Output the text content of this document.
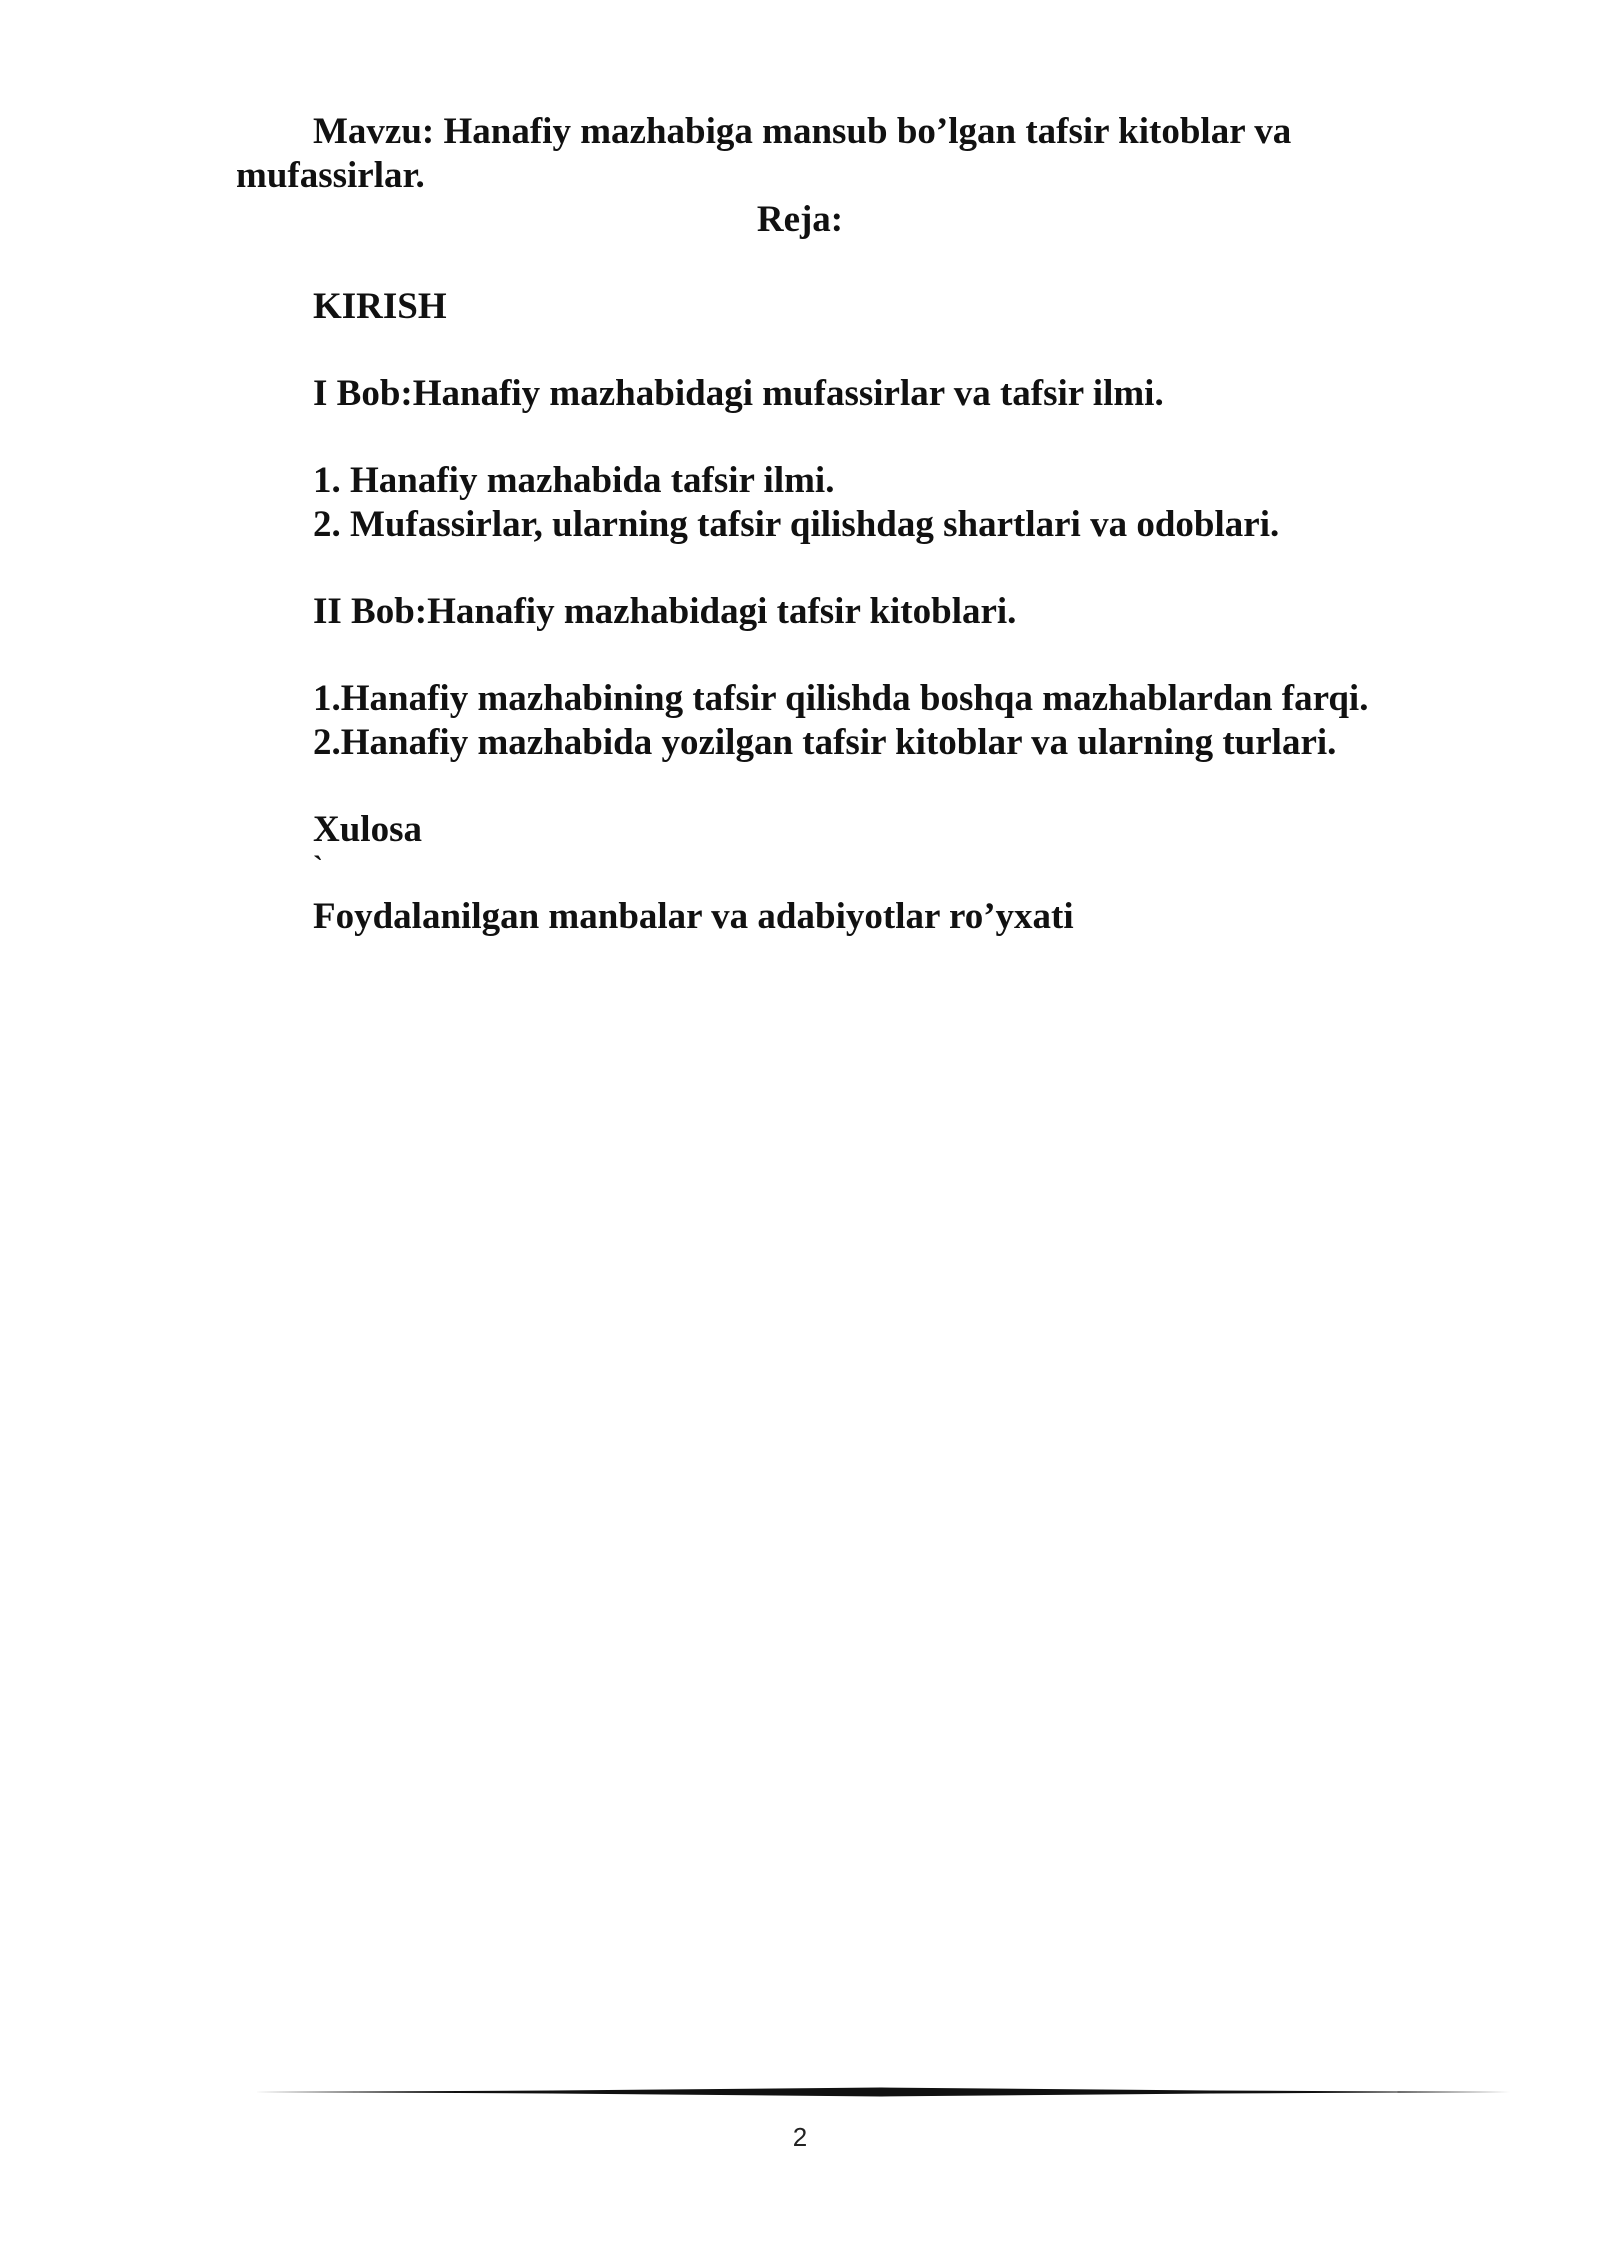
Mavzu: Hanafiy mazhabiga mansub bo’lgan tafsir kitoblar va
mufassirlar.
Reja:
KIRISH
I Bob:Hanafiy mazhabidagi mufassirlar va tafsir ilmi.
1. Hanafiy mazhabida tafsir ilmi.
2. Mufassirlar, ularning tafsir qilishdag shartlari va odoblari.
II Bob:Hanafiy mazhabidagi tafsir kitoblari.
1.Hanafiy mazhabining tafsir qilishda boshqa mazhablardan farqi.
2.Hanafiy mazhabida yozilgan tafsir kitoblar va ularning turlari.
Xulosa
`
Foydalanilgan manbalar va adabiyotlar ro’yxati
2
